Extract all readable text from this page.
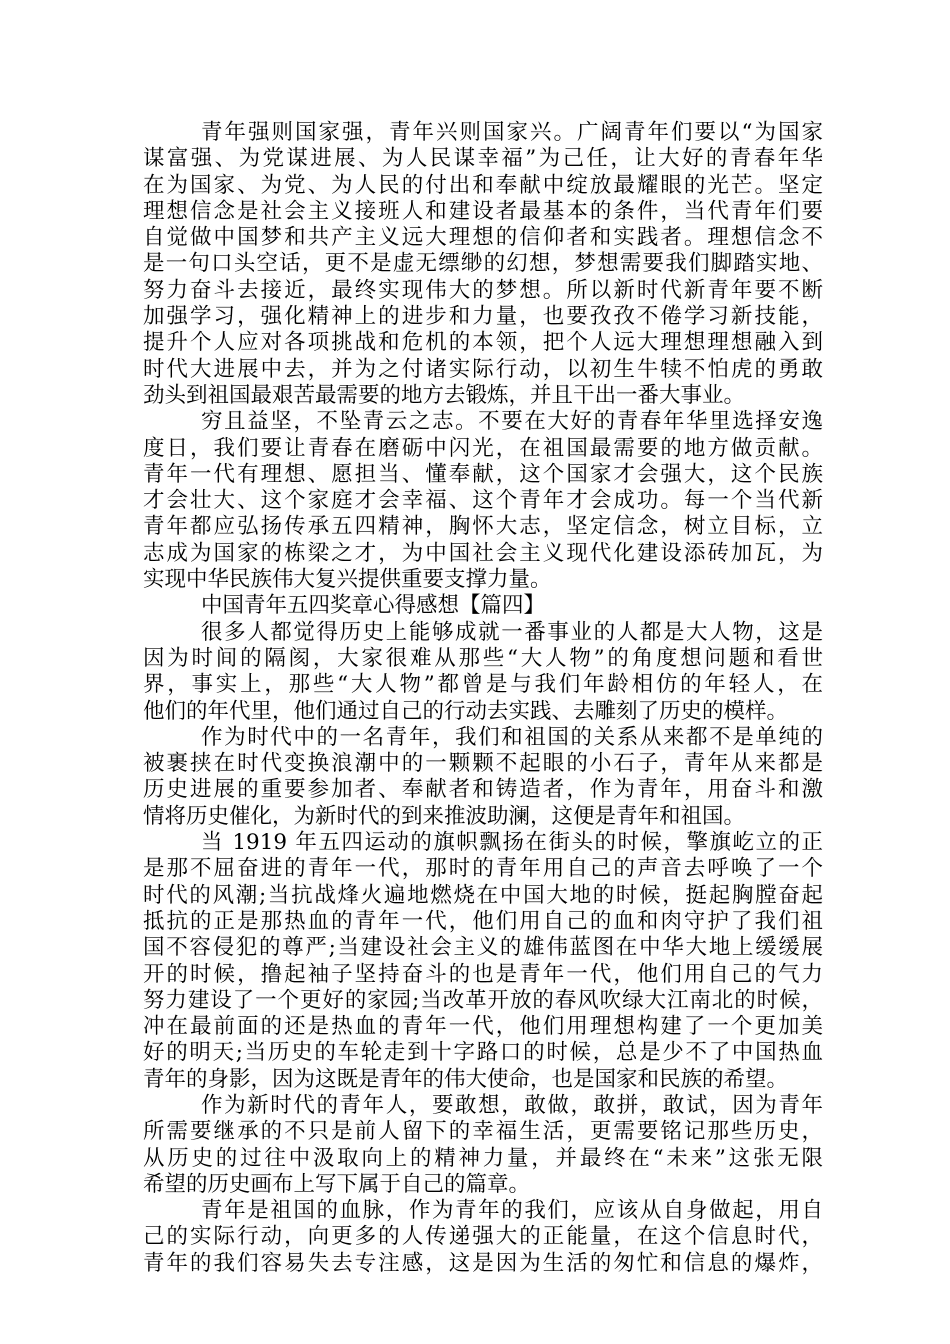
青年强则国家强，青年兴则国家兴。广阔青年们要以“为国家
谋富强、为党谋进展、为人民谋幸福”为己任，让大好的青春年华
在为国家、为党、为人民的付出和奉献中绽放最耀眼的光芒。坚定
理想信念是社会主义接班人和建设者最基本的条件，当代青年们要
自觉做中国梦和共产主义远大理想的信仰者和实践者。理想信念不
是一句口头空话，更不是虚无缥缈的幻想，梦想需要我们脚踏实地、
努力奋斗去接近，最终实现伟大的梦想。所以新时代新青年要不断
加强学习，强化精神上的进步和力量，也要孜孜不倦学习新技能，
提升个人应对各项挑战和危机的本领，把个人远大理想理想融入到
时代大进展中去，并为之付诸实际行动，以初生牛犊不怕虎的勇敢
劲头到祖国最艰苦最需要的地方去锻炼，并且干出一番大事业。
穷且益坚，不坠青云之志。不要在大好的青春年华里选择安逸
度日，我们要让青春在磨砺中闪光，在祖国最需要的地方做贡献。
青年一代有理想、愿担当、懂奉献，这个国家才会强大，这个民族
才会壮大、这个家庭才会幸福、这个青年才会成功。每一个当代新
青年都应弘扬传承五四精神，胸怀大志，坚定信念，树立目标，立
志成为国家的栋梁之才，为中国社会主义现代化建设添砖加瓦，为
实现中华民族伟大复兴提供重要支撑力量。
中国青年五四奖章心得感想【篇四】
很多人都觉得历史上能够成就一番事业的人都是大人物，这是
因为时间的隔阂，大家很难从那些“大人物”的角度想问题和看世
界，事实上，那些“大人物”都曾是与我们年龄相仿的年轻人，在
他们的年代里，他们通过自己的行动去实践、去雕刻了历史的模样。
作为时代中的一名青年，我们和祖国的关系从来都不是单纯的
被裹挟在时代变换浪潮中的一颗颗不起眼的小石子，青年从来都是
历史进展的重要参加者、奉献者和铸造者，作为青年，用奋斗和激
情将历史催化，为新时代的到来推波助澜，这便是青年和祖国。
当 1919 年五四运动的旗帜飘扬在街头的时候，擎旗屹立的正
是那不屈奋进的青年一代，那时的青年用自己的声音去呼唤了一个
时代的风潮;当抗战烽火遍地燃烧在中国大地的时候，挺起胸膛奋起
抵抗的正是那热血的青年一代，他们用自己的血和肉守护了我们祖
国不容侵犯的尊严;当建设社会主义的雄伟蓝图在中华大地上缓缓展
开的时候，撸起袖子坚持奋斗的也是青年一代，他们用自己的气力
努力建设了一个更好的家园;当改革开放的春风吹绿大江南北的时候，
冲在最前面的还是热血的青年一代，他们用理想构建了一个更加美
好的明天;当历史的车轮走到十字路口的时候，总是少不了中国热血
青年的身影，因为这既是青年的伟大使命，也是国家和民族的希望。
作为新时代的青年人，要敢想，敢做，敢拼，敢试，因为青年
所需要继承的不只是前人留下的幸福生活，更需要铭记那些历史，
从历史的过往中汲取向上的精神力量，并最终在“未来”这张无限
希望的历史画布上写下属于自己的篇章。
青年是祖国的血脉，作为青年的我们，应该从自身做起，用自
己的实际行动，向更多的人传递强大的正能量，在这个信息时代，
青年的我们容易失去专注感，这是因为生活的匆忙和信息的爆炸，
